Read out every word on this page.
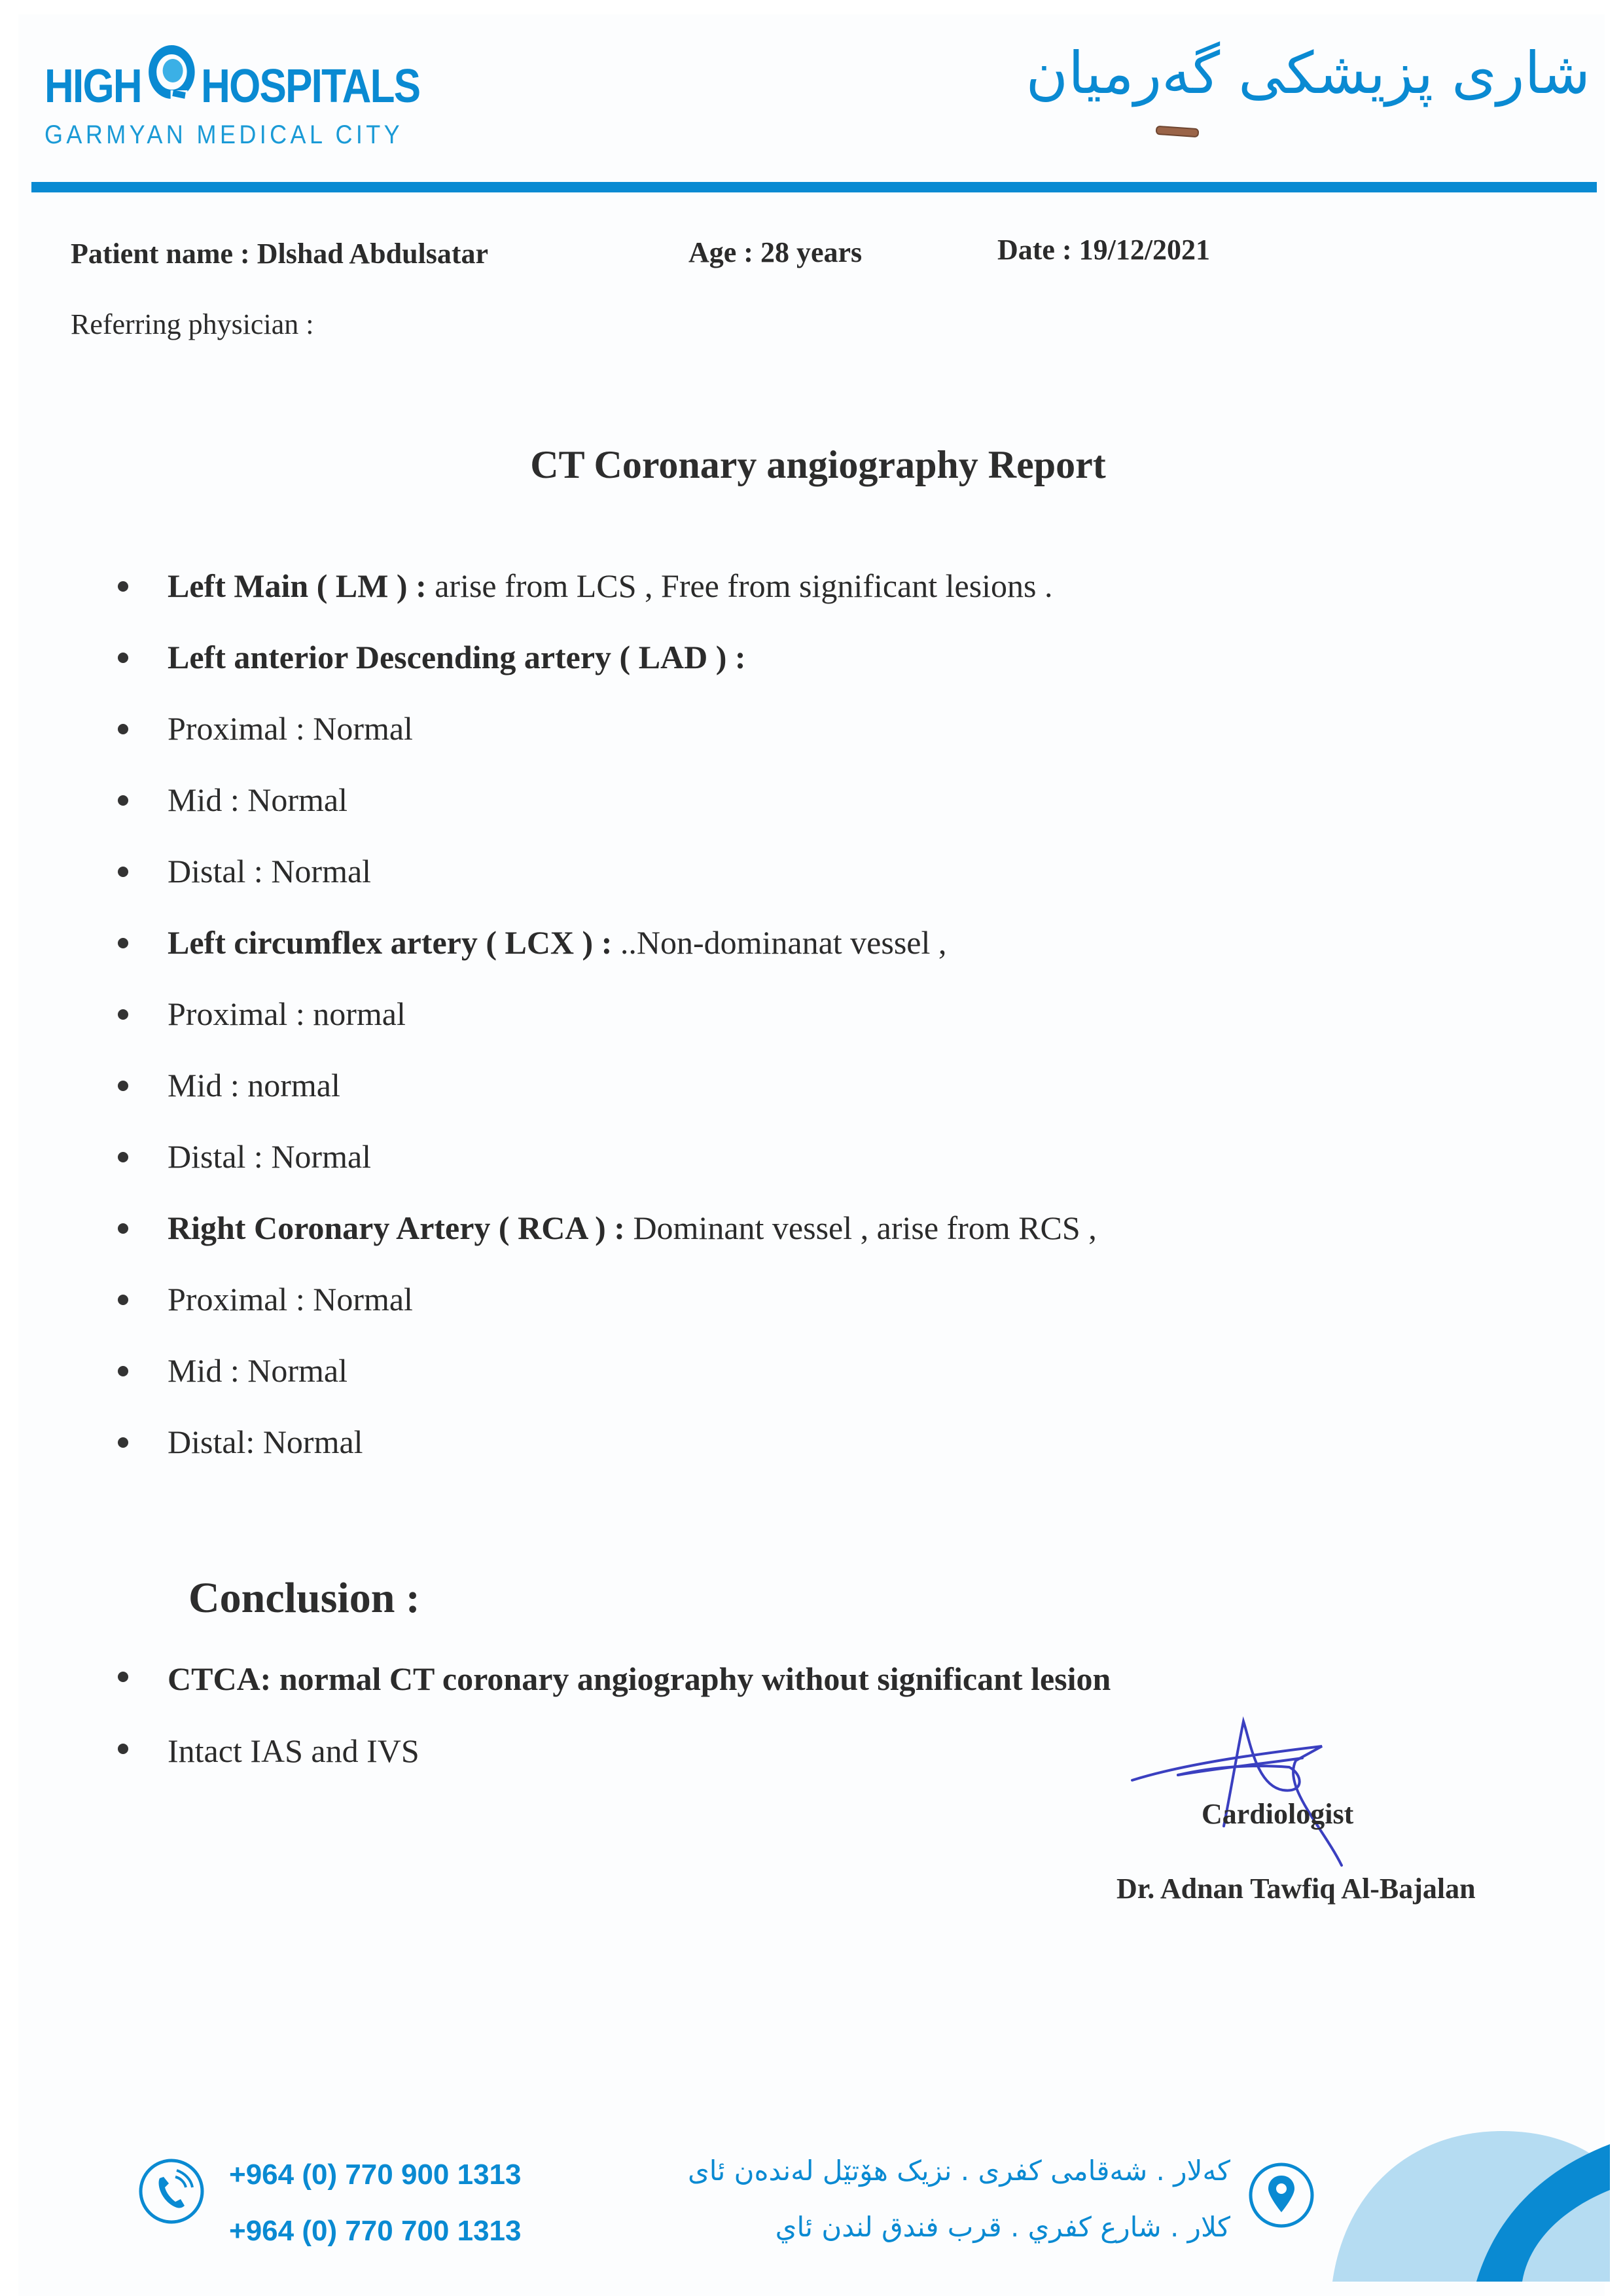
HIGH HOSPITALS
GARMYAN MEDICAL CITY
شاری پزیشکی گەرمیان
Patient name : Dlshad Abdulsatar	Age : 28 years	Date : 19/12/2021
Referring physician :
CT Coronary angiography Report
Left Main ( LM ) : arise from LCS , Free from significant lesions .
Left anterior Descending artery ( LAD ) :
Proximal : Normal
Mid : Normal
Distal : Normal
Left circumflex artery ( LCX ) : ..Non-dominanat vessel ,
Proximal : normal
Mid : normal
Distal : Normal
Right Coronary Artery ( RCA ) : Dominant vessel , arise from RCS ,
Proximal : Normal
Mid : Normal
Distal: Normal
Conclusion :
CTCA: normal CT coronary angiography without significant lesion
Intact IAS and IVS
Cardiologist
Dr. Adnan Tawfiq Al-Bajalan
+964 (0) 770 900 1313
+964 (0) 770 700 1313
کەلار . شەقامی کفری . نزیک هۆتێل لەندەن ئای
كلار . شارع كفري . قرب فندق لندن ئاي
